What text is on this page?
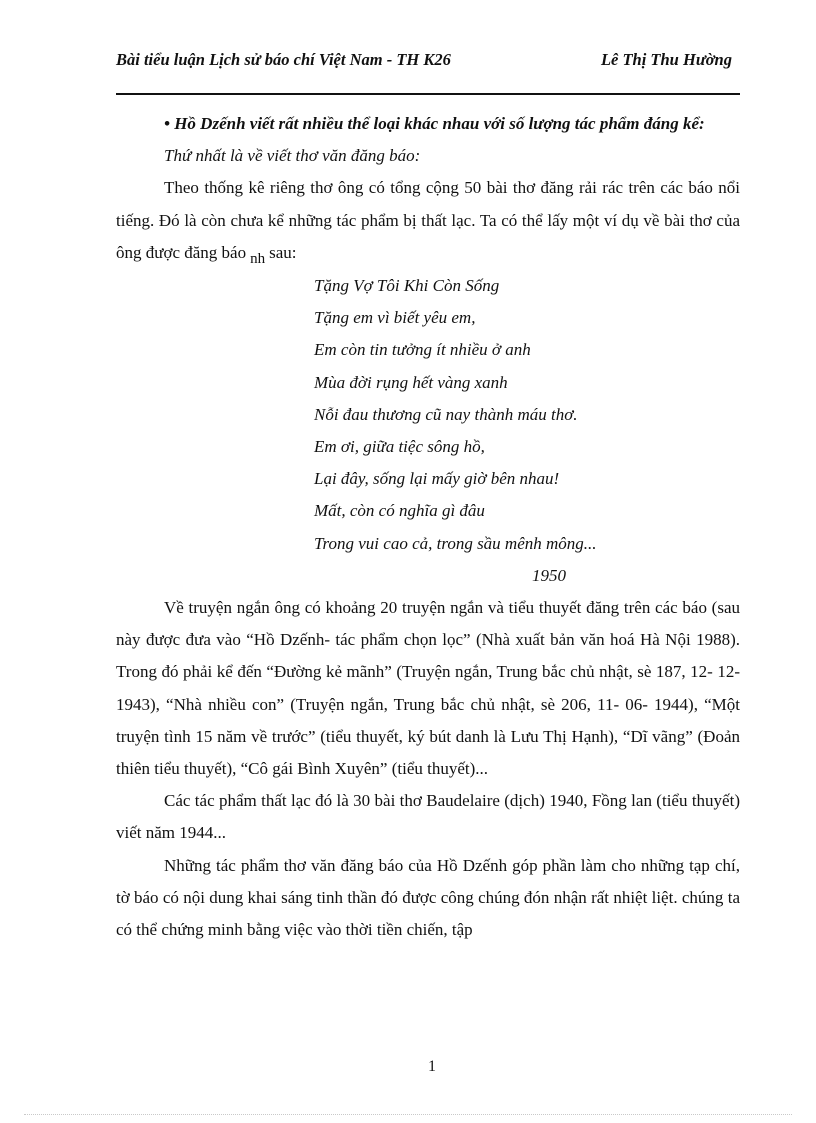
Bài tiểu luận Lịch sử báo chí Việt Nam - TH K26	Lê Thị Thu Hường

• Hồ Dzếnh viết rất nhiều thể loại khác nhau với số lượng tác phẩm đáng kể:

Thứ nhất là về viết thơ văn đăng báo:

Theo thống kê riêng thơ ông có tổng cộng 50 bài thơ đăng rải rác trên các báo nổi tiếng. Đó là còn chưa kể những tác phẩm bị thất lạc. Ta có thể lấy một ví dụ về bài thơ của ông được đăng báo nh sau:

Tặng Vợ Tôi Khi Còn Sống

Tặng em vì biết yêu em,

Em còn tin tưởng ít nhiều ở anh

Mùa đời rụng hết vàng xanh

Nỗi đau thương cũ nay thành máu thơ.

Em ơi, giữa tiệc sông hồ,

Lại đây, sống lại mấy giờ bên nhau!

Mất, còn có nghĩa gì đâu

Trong vui cao cả, trong sầu mênh mông...

1950

Về truyện ngắn ông có khoảng 20 truyện ngắn và tiểu thuyết đăng trên các báo (sau này được đưa vào “Hồ Dzếnh- tác phẩm chọn lọc” (Nhà xuất bản văn hoá Hà Nội 1988). Trong đó phải kể đến “Đường kẻ mãnh” (Truyện ngắn, Trung bắc chủ nhật, sè 187, 12- 12- 1943), “Nhà nhiều con” (Truyện ngắn, Trung bắc chủ nhật, sè 206, 11- 06- 1944), “Một truyện tình 15 năm về trước” (tiểu thuyết, ký bút danh là Lưu Thị Hạnh), “Dĩ vãng” (Đoản thiên tiểu thuyết), “Cô gái Bình Xuyên” (tiểu thuyết)...

Các tác phẩm thất lạc đó là 30 bài thơ Baudelaire (dịch) 1940, Fồng lan (tiểu thuyết) viết năm 1944...

Những tác phẩm thơ văn đăng báo của Hồ Dzếnh góp phần làm cho những tạp chí, tờ báo có nội dung khai sáng tinh thần đó được công chúng đón nhận rất nhiệt liệt. chúng ta có thể chứng minh bằng việc vào thời tiền chiến, tập

1
